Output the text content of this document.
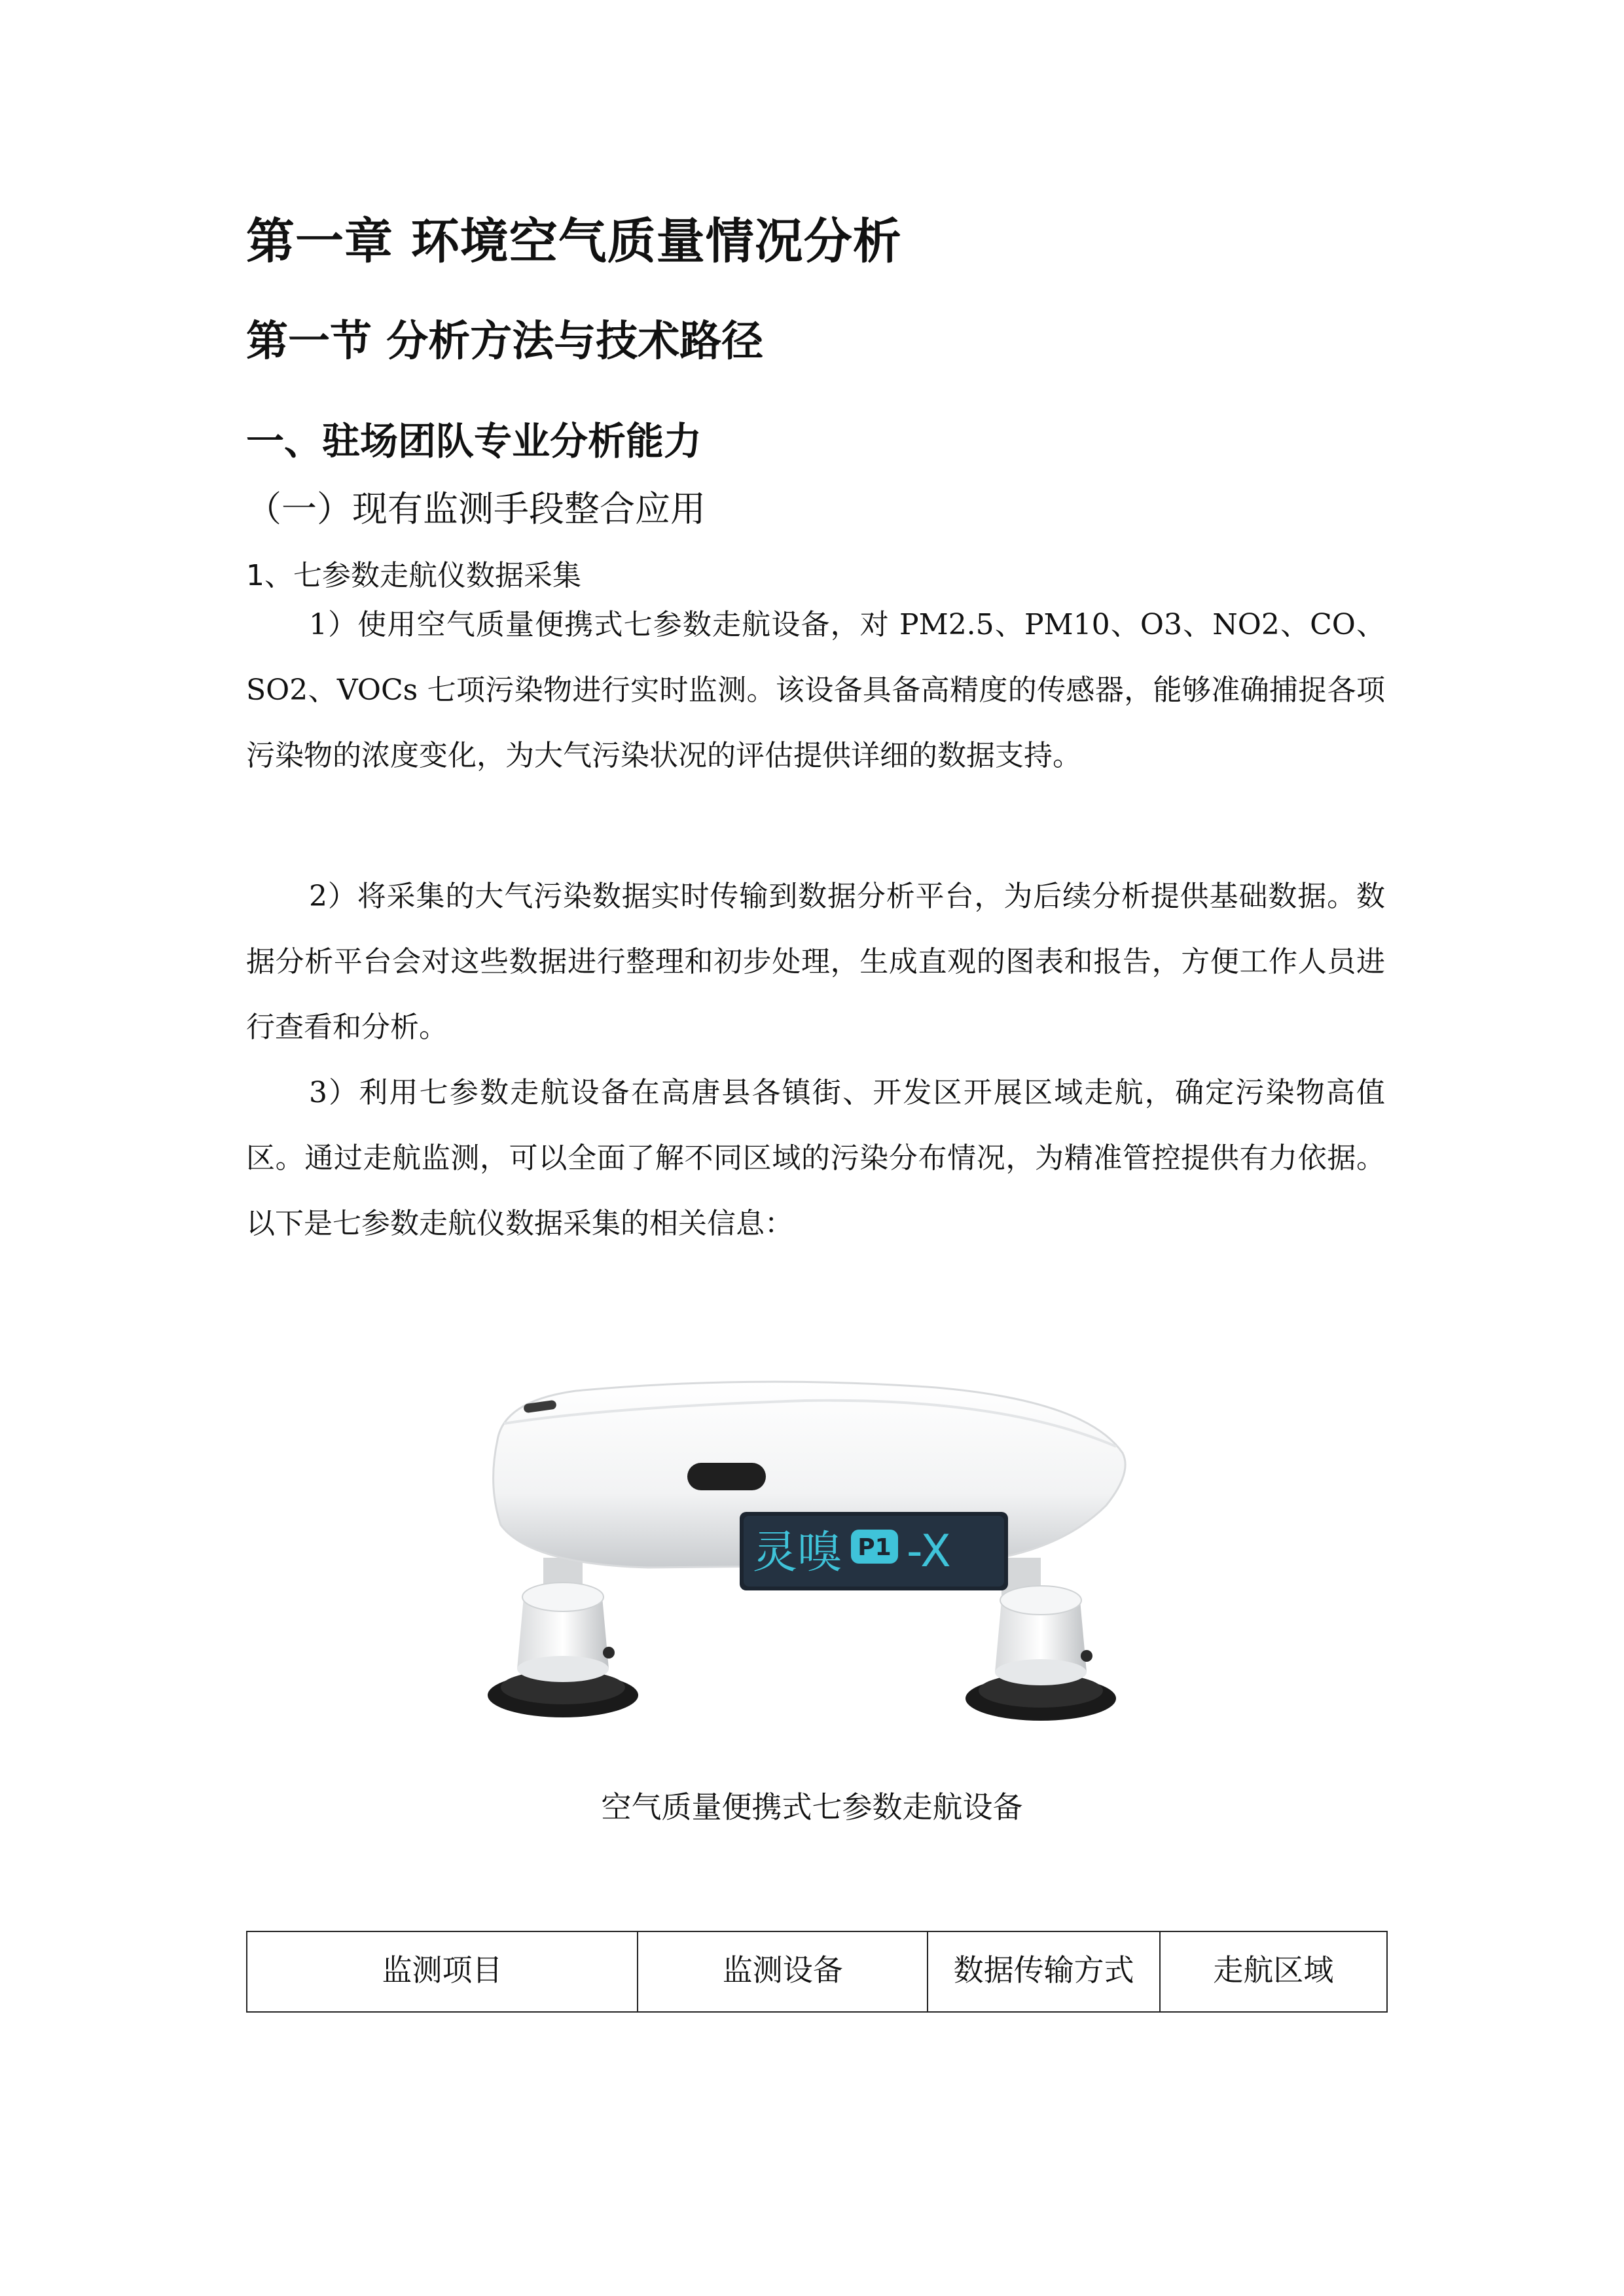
第一章 环境空气质量情况分析
第一节 分析方法与技术路径
一、驻场团队专业分析能力
（一）现有监测手段整合应用
1、七参数走航仪数据采集

1）使用空气质量便携式七参数走航设备，对 PM2.5、PM10、O3、NO2、CO、SO2、VOCs 七项污染物进行实时监测。该设备具备高精度的传感器，能够准确捕捉各项污染物的浓度变化，为大气污染状况的评估提供详细的数据支持。

2）将采集的大气污染数据实时传输到数据分析平台，为后续分析提供基础数据。数据分析平台会对这些数据进行整理和初步处理，生成直观的图表和报告，方便工作人员进行查看和分析。

3）利用七参数走航设备在高唐县各镇街、开发区开展区域走航，确定污染物高值区。通过走航监测，可以全面了解不同区域的污染分布情况，为精准管控提供有力依据。以下是七参数走航仪数据采集的相关信息：

灵嗅 P1 -X
空气质量便携式七参数走航设备
监测项目	监测设备	数据传输方式	走航区域
